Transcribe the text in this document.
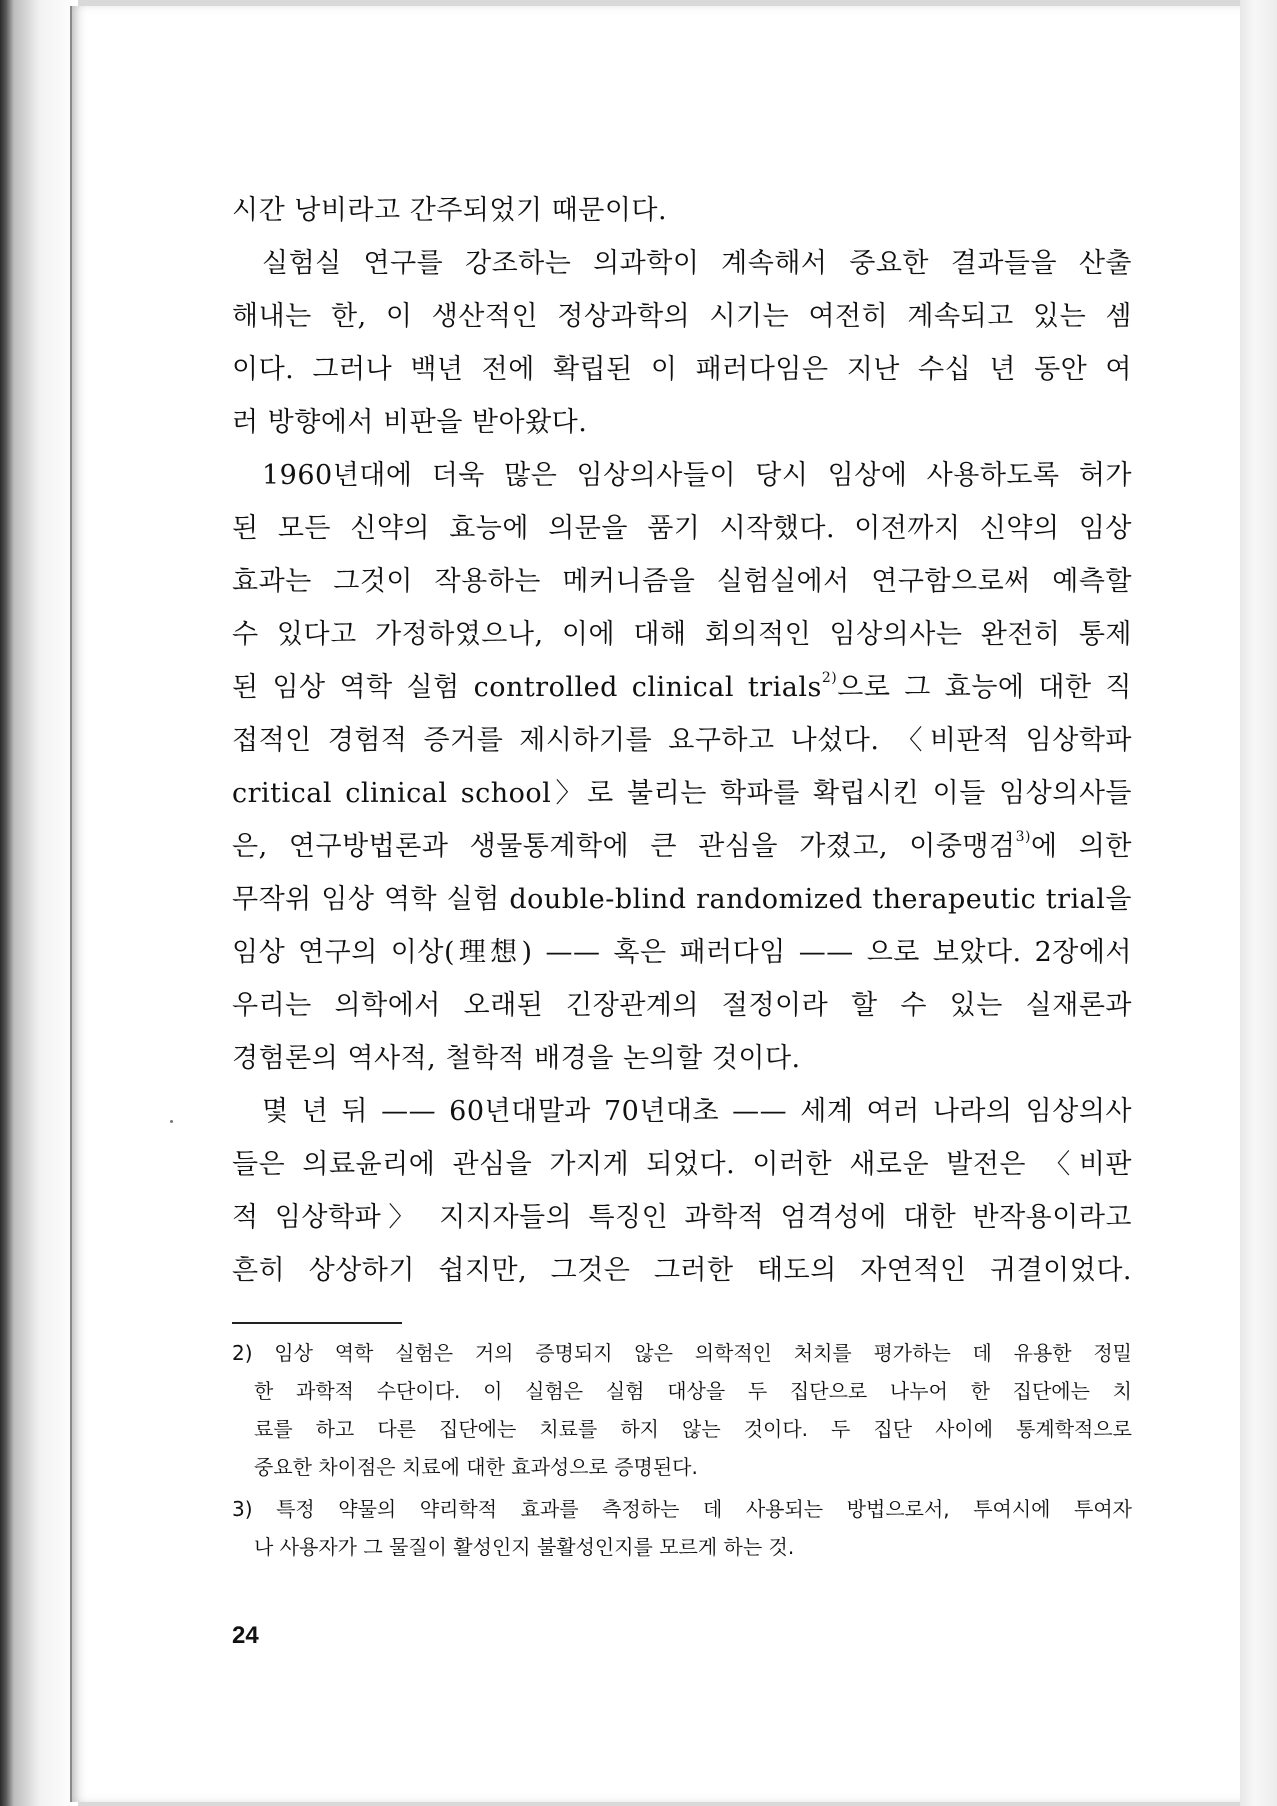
시간 낭비라고 간주되었기 때문이다.

실험실 연구를 강조하는 의과학이 계속해서 중요한 결과들을 산출
해내는 한, 이 생산적인 정상과학의 시기는 여전히 계속되고 있는 셈
이다. 그러나 백년 전에 확립된 이 패러다임은 지난 수십 년 동안 여
러 방향에서 비판을 받아왔다.

1960년대에 더욱 많은 임상의사들이 당시 임상에 사용하도록 허가
된 모든 신약의 효능에 의문을 품기 시작했다. 이전까지 신약의 임상
효과는 그것이 작용하는 메커니즘을 실험실에서 연구함으로써 예측할
수 있다고 가정하였으나, 이에 대해 회의적인 임상의사는 완전히 통제
된 임상 역학 실험 controlled clinical trials$^{2)}$으로 그 효능에 대한 직
접적인 경험적 증거를 제시하기를 요구하고 나섰다. 〈비판적 임상학파
critical clinical school〉로 불리는 학파를 확립시킨 이들 임상의사들
은, 연구방법론과 생물통계학에 큰 관심을 가졌고, 이중맹검$^{3)}$에 의한
무작위 임상 역학 실험 double-blind randomized therapeutic trial을
임상 연구의 이상(理想) —— 혹은 패러다임 —— 으로 보았다. 2장에서
우리는 의학에서 오래된 긴장관계의 절정이라 할 수 있는 실재론과
경험론의 역사적, 철학적 배경을 논의할 것이다.

몇 년 뒤 —— 60년대말과 70년대초 —— 세계 여러 나라의 임상의사
들은 의료윤리에 관심을 가지게 되었다. 이러한 새로운 발전은 〈비판
적 임상학파〉 지지자들의 특징인 과학적 엄격성에 대한 반작용이라고
흔히 상상하기 쉽지만, 그것은 그러한 태도의 자연적인 귀결이었다.

2) 임상 역학 실험은 거의 증명되지 않은 의학적인 처치를 평가하는 데 유용한 정밀
한 과학적 수단이다. 이 실험은 실험 대상을 두 집단으로 나누어 한 집단에는 치
료를 하고 다른 집단에는 치료를 하지 않는 것이다. 두 집단 사이에 통계학적으로
중요한 차이점은 치료에 대한 효과성으로 증명된다.
3) 특정 약물의 약리학적 효과를 측정하는 데 사용되는 방법으로서, 투여시에 투여자
나 사용자가 그 물질이 활성인지 불활성인지를 모르게 하는 것.
24
